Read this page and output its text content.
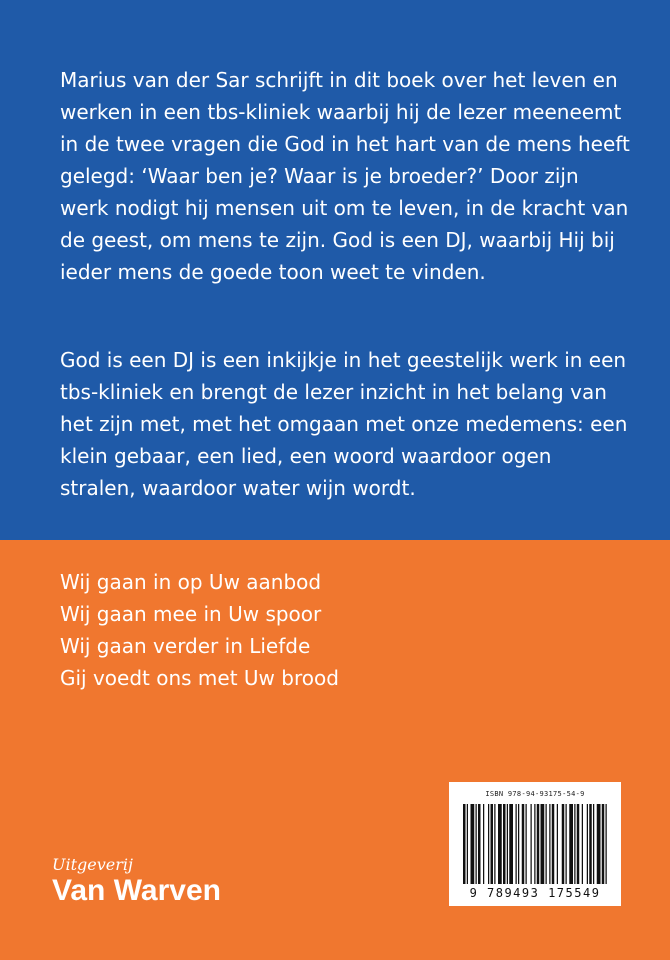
Marius van der Sar schrijft in dit boek over het leven en werken in een tbs-kliniek waarbij hij de lezer meeneemt in de twee vragen die God in het hart van de mens heeft gelegd: ‘Waar ben je? Waar is je broeder?’ Door zijn werk nodigt hij mensen uit om te leven, in de kracht van de geest, om mens te zijn. God is een DJ, waarbij Hij bij ieder mens de goede toon weet te vinden.

God is een DJ is een inkijkje in het geestelijk werk in een tbs-kliniek en brengt de lezer inzicht in het belang van het zijn met, met het omgaan met onze medemens: een klein gebaar, een lied, een woord waardoor ogen stralen, waardoor water wijn wordt.

Wij gaan in op Uw aanbod
Wij gaan mee in Uw spoor
Wij gaan verder in Liefde
Gij voedt ons met Uw brood
Uitgeverij
Van Warven
ISBN 978-94-93175-54-9
9 789493 175549
